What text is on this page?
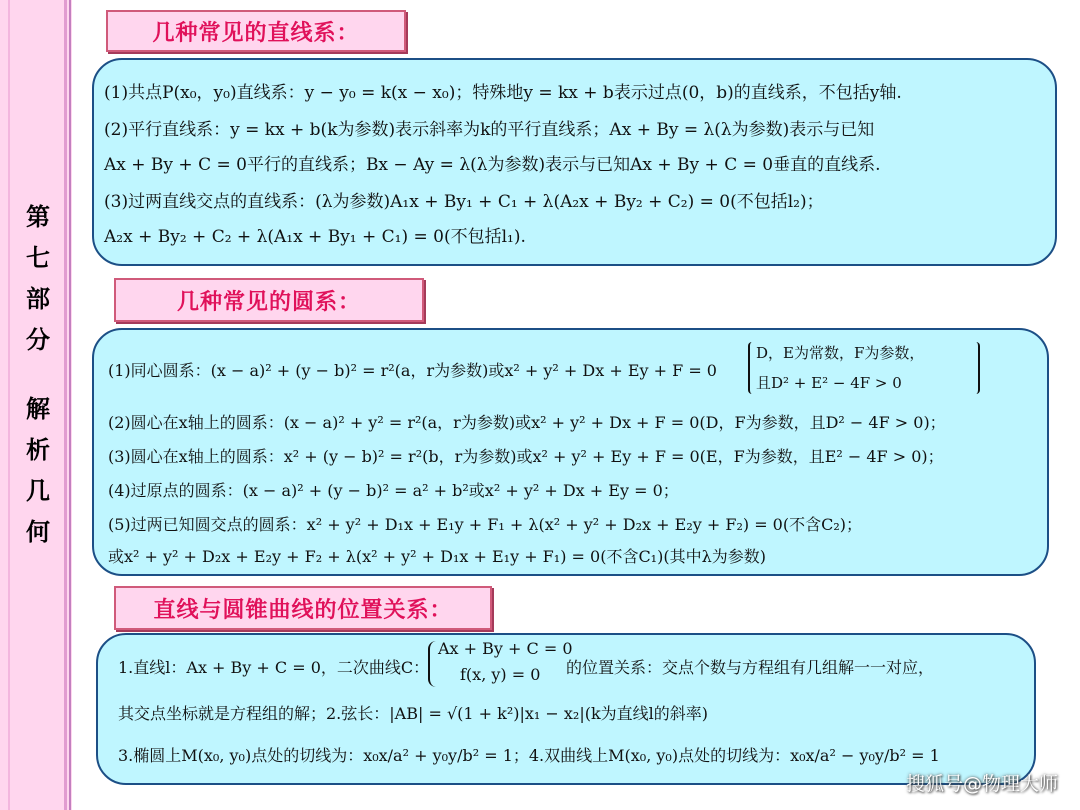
第
七
部
分
解
析
几
何
几种常见的直线系：
(1)共点P(x₀，y₀)直线系：y − y₀ = k(x − x₀)；特殊地y = kx + b表示过点(0，b)的直线系，不包括y轴.
(2)平行直线系：y = kx + b(k为参数)表示斜率为k的平行直线系；Ax + By = λ(λ为参数)表示与已知
Ax + By + C = 0平行的直线系；Bx − Ay = λ(λ为参数)表示与已知Ax + By + C = 0垂直的直线系.
(3)过两直线交点的直线系：(λ为参数)A₁x + By₁ + C₁ + λ(A₂x + By₂ + C₂) = 0(不包括l₂)；
A₂x + By₂ + C₂ + λ(A₁x + By₁ + C₁) = 0(不包括l₁).
几种常见的圆系：
(1)同心圆系：(x − a)² + (y − b)² = r²(a，r为参数)或x² + y² + Dx + Ey + F = 0
D，E为常数，F为参数，
且D² + E² − 4F > 0
(2)圆心在x轴上的圆系：(x − a)² + y² = r²(a，r为参数)或x² + y² + Dx + F = 0(D，F为参数，且D² − 4F > 0)；
(3)圆心在x轴上的圆系：x² + (y − b)² = r²(b，r为参数)或x² + y² + Ey + F = 0(E，F为参数，且E² − 4F > 0)；
(4)过原点的圆系：(x − a)² + (y − b)² = a² + b²或x² + y² + Dx + Ey = 0；
(5)过两已知圆交点的圆系：x² + y² + D₁x + E₁y + F₁ + λ(x² + y² + D₂x + E₂y + F₂) = 0(不含C₂)；
或x² + y² + D₂x + E₂y + F₂ + λ(x² + y² + D₁x + E₁y + F₁) = 0(不含C₁)(其中λ为参数)
直线与圆锥曲线的位置关系：
1.直线l：Ax + By + C = 0，二次曲线C：
Ax + By + C = 0
f(x, y) = 0 的位置关系：交点个数与方程组有几组解一一对应，
其交点坐标就是方程组的解；2.弦长：|AB| = √(1 + k²)|x₁ − x₂|(k为直线l的斜率)
3.椭圆上M(x₀, y₀)点处的切线为：x₀x/a² + y₀y/b² = 1；4.双曲线上M(x₀, y₀)点处的切线为：x₀x/a² − y₀y/b² = 1
搜狐号@物理大师
